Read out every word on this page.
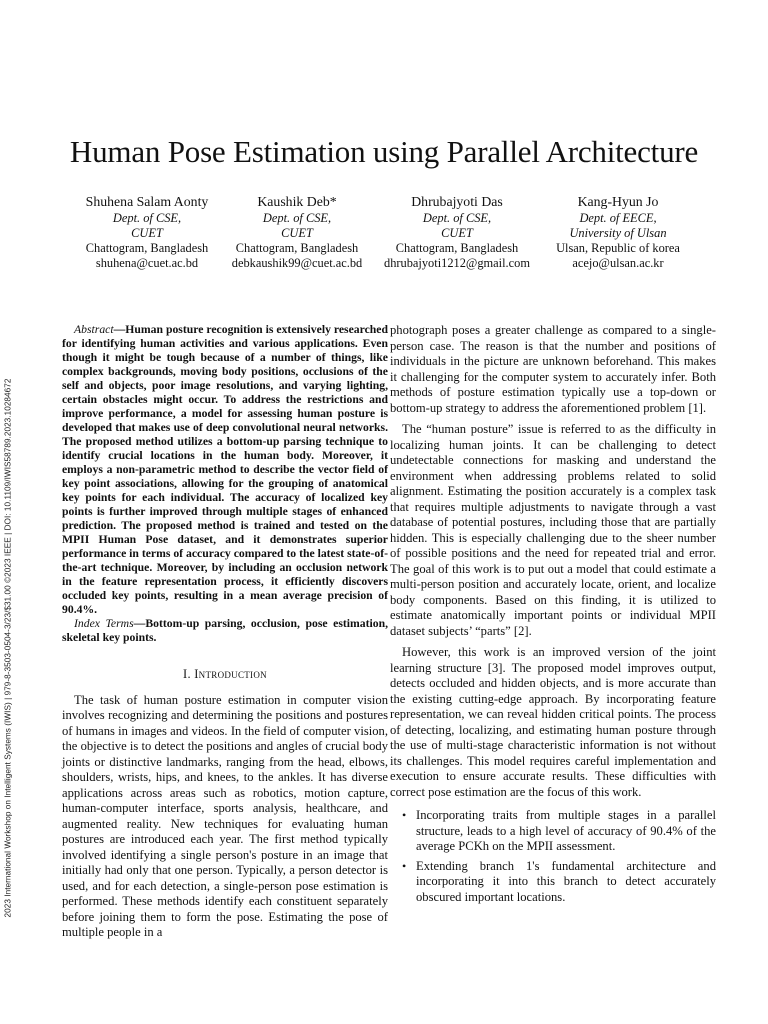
2023 International Workshop on Intelligent Systems (IWIS) | 979-8-3503-0504-3/23/$31.00 ©2023 IEEE | DOI: 10.1109/IWIS58789.2023.10284672
Human Pose Estimation using Parallel Architecture
Shuhena Salam Aonty
Dept. of CSE,
CUET
Chattogram, Bangladesh
shuhena@cuet.ac.bd
Kaushik Deb*
Dept. of CSE,
CUET
Chattogram, Bangladesh
debkaushik99@cuet.ac.bd
Dhrubajyoti Das
Dept. of CSE,
CUET
Chattogram, Bangladesh
dhrubajyoti1212@gmail.com
Kang-Hyun Jo
Dept. of EECE,
University of Ulsan
Ulsan, Republic of korea
acejo@ulsan.ac.kr

Abstract—Human posture recognition is extensively researched for identifying human activities and various applications. Even though it might be tough because of a number of things, like complex backgrounds, moving body positions, occlusions of the self and objects, poor image resolutions, and varying lighting, certain obstacles might occur. To address the restrictions and improve performance, a model for assessing human posture is developed that makes use of deep convolutional neural networks. The proposed method utilizes a bottom-up parsing technique to identify crucial locations in the human body. Moreover, it employs a non-parametric method to describe the vector field of key point associations, allowing for the grouping of anatomical key points for each individual. The accuracy of localized key points is further improved through multiple stages of enhanced prediction. The proposed method is trained and tested on the MPII Human Pose dataset, and it demonstrates superior performance in terms of accuracy compared to the latest state-of-the-art technique. Moreover, by including an occlusion network in the feature representation process, it efficiently discovers occluded key points, resulting in a mean average precision of 90.4%.

Index Terms—Bottom-up parsing, occlusion, pose estimation, skeletal key points.

I. Introduction

The task of human posture estimation in computer vision involves recognizing and determining the positions and postures of humans in images and videos. In the field of computer vision, the objective is to detect the positions and angles of crucial body joints or distinctive landmarks, ranging from the head, elbows, shoulders, wrists, hips, and knees, to the ankles. It has diverse applications across areas such as robotics, motion capture, human-computer interface, sports analysis, healthcare, and augmented reality. New techniques for evaluating human postures are introduced each year. The first method typically involved identifying a single person's posture in an image that initially had only that one person. Typically, a person detector is used, and for each detection, a single-person pose estimation is performed. These methods identify each constituent separately before joining them to form the pose. Estimating the pose of multiple people in a

photograph poses a greater challenge as compared to a single-person case. The reason is that the number and positions of individuals in the picture are unknown beforehand. This makes it challenging for the computer system to accurately infer. Both methods of posture estimation typically use a top-down or bottom-up strategy to address the aforementioned problem [1].

The “human posture” issue is referred to as the difficulty in localizing human joints. It can be challenging to detect undetectable connections for masking and understand the environment when addressing problems related to solid alignment. Estimating the position accurately is a complex task that requires multiple adjustments to navigate through a vast database of potential postures, including those that are partially hidden. This is especially challenging due to the sheer number of possible positions and the need for repeated trial and error. The goal of this work is to put out a model that could estimate a multi-person position and accurately locate, orient, and localize body components. Based on this finding, it is utilized to estimate anatomically important points or individual MPII dataset subjects’ “parts” [2].

However, this work is an improved version of the joint learning structure [3]. The proposed model improves output, detects occluded and hidden objects, and is more accurate than the existing cutting-edge approach. By incorporating feature representation, we can reveal hidden critical points. The process of detecting, localizing, and estimating human posture through the use of multi-stage characteristic information is not without its challenges. This model requires careful implementation and execution to ensure accurate results. These difficulties with correct pose estimation are the focus of this work.

• Incorporating traits from multiple stages in a parallel structure, leads to a high level of accuracy of 90.4% of the average PCKh on the MPII assessment.
• Extending branch 1's fundamental architecture and incorporating it into this branch to detect accurately obscured important locations.
